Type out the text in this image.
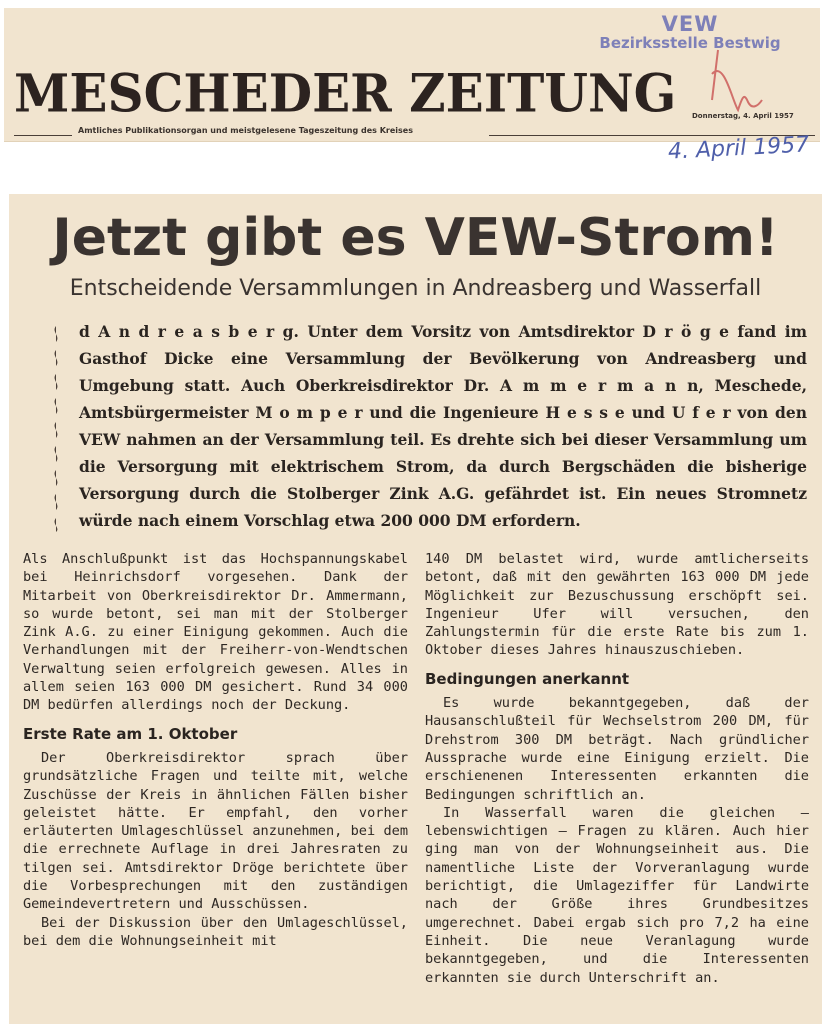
MESCHEDER ZEITUNG
Amtliches Publikationsorgan und meistgelesene Tageszeitung des Kreises
Donnerstag, 4. April 1957
VEW
Bezirksstelle Bestwig
4. April 1957
Jetzt gibt es VEW-Strom!
Entscheidende Versammlungen in Andreasberg und Wasserfall
d A n d r e a s b e r g. Unter dem Vorsitz von Amtsdirektor D r ö g e fand im Gasthof Dicke eine Versammlung der Bevölkerung von Andreasberg und Umgebung statt. Auch Oberkreisdirektor Dr. A m m e r m a n n, Meschede, Amtsbürgermeister M o m p e r und die Ingenieure H e s s e und U f e r von den VEW nahmen an der Versammlung teil. Es drehte sich bei dieser Versammlung um die Versorgung mit elektrischem Strom, da durch Bergschäden die bisherige Versorgung durch die Stolberger Zink A.G. gefährdet ist. Ein neues Stromnetz würde nach einem Vorschlag etwa 200 000 DM erfordern.

Als Anschlußpunkt ist das Hochspannungskabel bei Heinrichsdorf vorgesehen. Dank der Mitarbeit von Oberkreisdirektor Dr. Ammermann, so wurde betont, sei man mit der Stolberger Zink A.G. zu einer Einigung gekommen. Auch die Verhandlungen mit der Freiherr-von-Wendtschen Verwaltung seien erfolgreich gewesen. Alles in allem seien 163 000 DM gesichert. Rund 34 000 DM bedürfen allerdings noch der Deckung.

Erste Rate am 1. Oktober

Der Oberkreisdirektor sprach über grundsätzliche Fragen und teilte mit, welche Zuschüsse der Kreis in ähnlichen Fällen bisher geleistet hätte. Er empfahl, den vorher erläuterten Umlageschlüssel anzunehmen, bei dem die errechnete Auflage in drei Jahresraten zu tilgen sei. Amtsdirektor Dröge berichtete über die Vorbesprechungen mit den zuständigen Gemeindevertretern und Ausschüssen.

Bei der Diskussion über den Umlageschlüssel, bei dem die Wohnungseinheit mit

140 DM belastet wird, wurde amtlicherseits betont, daß mit den gewährten 163 000 DM jede Möglichkeit zur Bezuschussung erschöpft sei. Ingenieur Ufer will versuchen, den Zahlungstermin für die erste Rate bis zum 1. Oktober dieses Jahres hinauszuschieben.

Bedingungen anerkannt

Es wurde bekanntgegeben, daß der Hausanschlußteil für Wechselstrom 200 DM, für Drehstrom 300 DM beträgt. Nach gründlicher Aussprache wurde eine Einigung erzielt. Die erschienenen Interessenten erkannten die Bedingungen schriftlich an.

In Wasserfall waren die gleichen — lebenswichtigen — Fragen zu klären. Auch hier ging man von der Wohnungseinheit aus. Die namentliche Liste der Vorveranlagung wurde berichtigt, die Umlageziffer für Landwirte nach der Größe ihres Grundbesitzes umgerechnet. Dabei ergab sich pro 7,2 ha eine Einheit. Die neue Veranlagung wurde bekanntgegeben, und die Interessenten erkannten sie durch Unterschrift an.
